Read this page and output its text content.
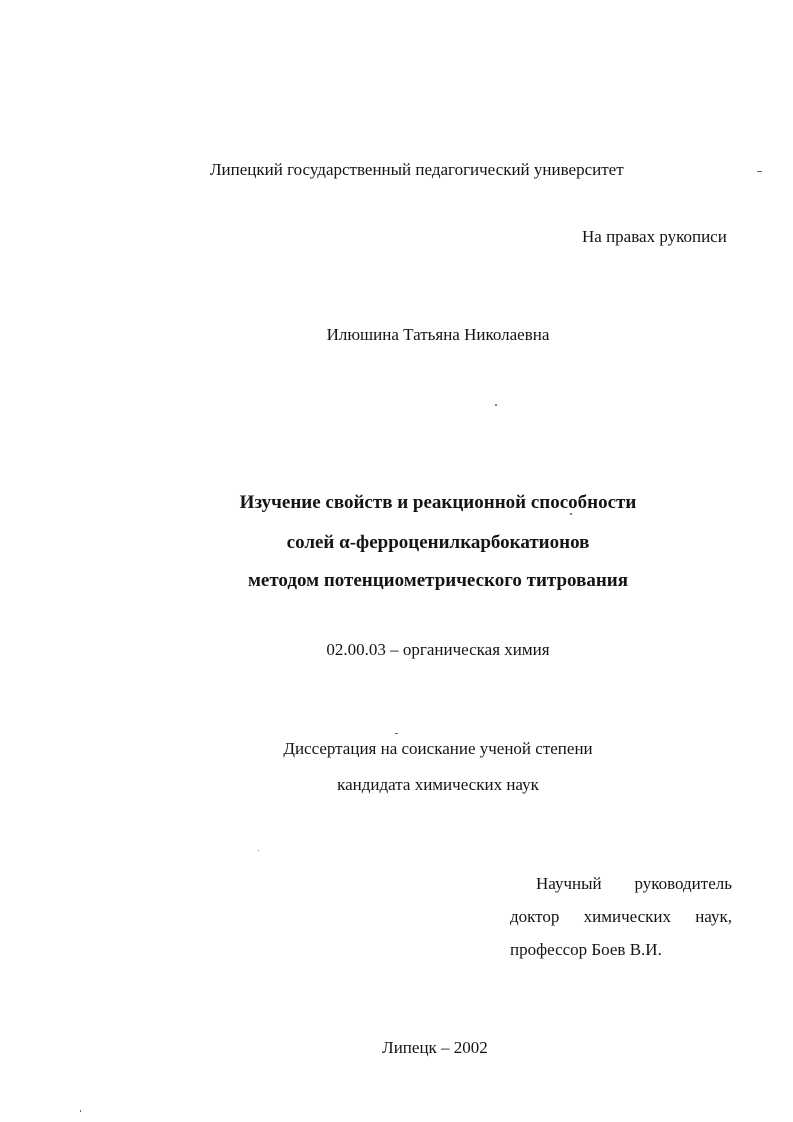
Липецкий государственный педагогический университет
На правах рукописи
Илюшина Татьяна Николаевна
Изучение свойств и реакционной способности
солей α-ферроценилкарбокатионов
методом потенциометрического титрования
02.00.03 – органическая химия
Диссертация на соискание ученой степени
кандидата химических наук
Научный руководитель
доктор химических наук,
профессор Боев В.И.
Липецк – 2002
